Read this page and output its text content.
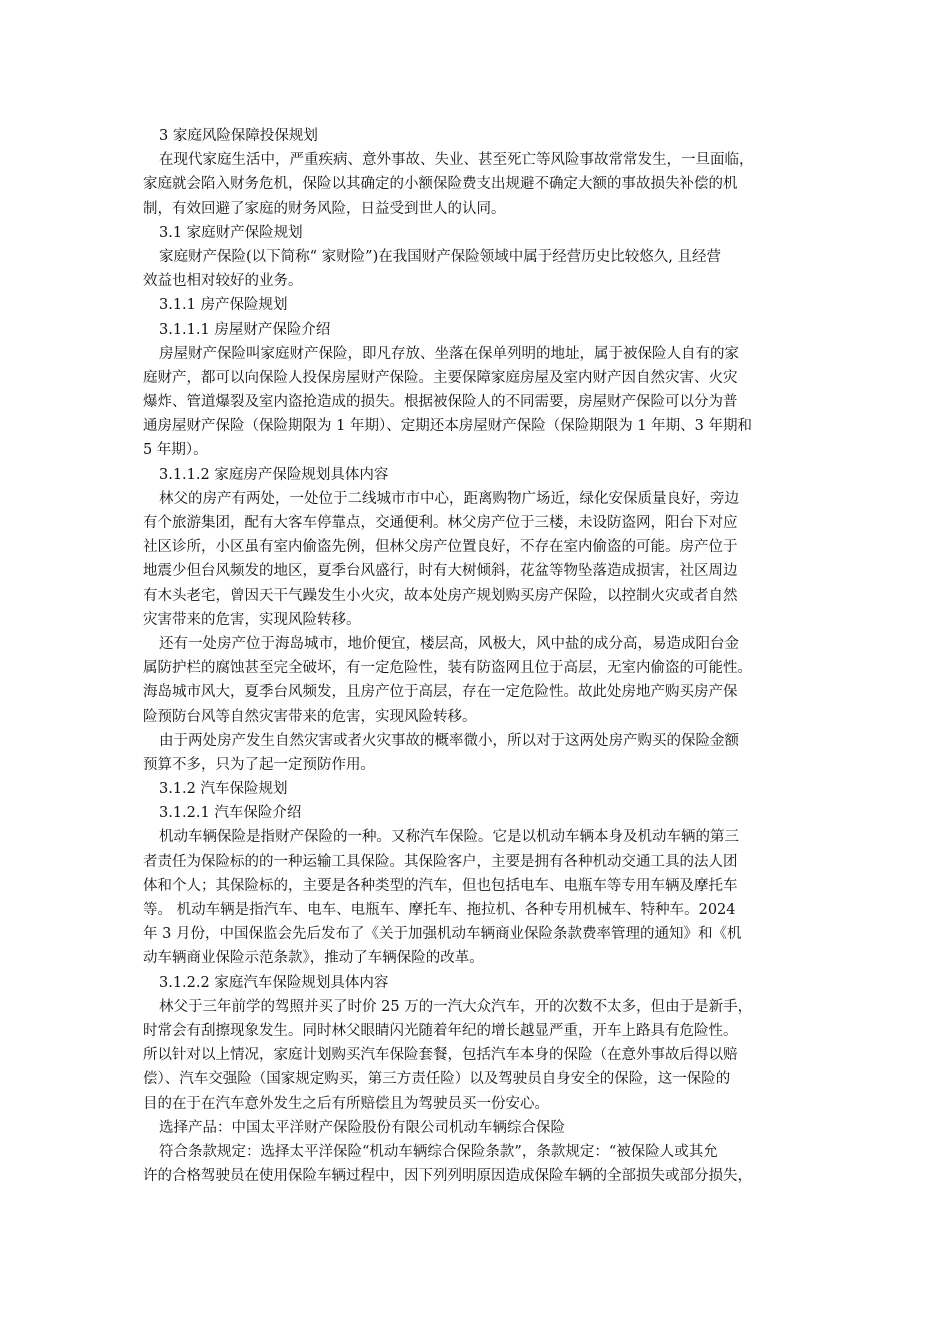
3 家庭风险保障投保规划
在现代家庭生活中，严重疾病、意外事故、失业、甚至死亡等风险事故常常发生，一旦面临，
家庭就会陷入财务危机，保险以其确定的小额保险费支出规避不确定大额的事故损失补偿的机
制，有效回避了家庭的财务风险，日益受到世人的认同。
3.1 家庭财产保险规划
家庭财产保险(以下简称“ 家财险”)在我国财产保险领域中属于经营历史比较悠久, 且经营
效益也相对较好的业务。
3.1.1 房产保险规划
3.1.1.1 房屋财产保险介绍
房屋财产保险叫家庭财产保险，即凡存放、坐落在保单列明的地址，属于被保险人自有的家
庭财产，都可以向保险人投保房屋财产保险。主要保障家庭房屋及室内财产因自然灾害、火灾
爆炸、管道爆裂及室内盗抢造成的损失。根据被保险人的不同需要，房屋财产保险可以分为普
通房屋财产保险（保险期限为 1 年期）、定期还本房屋财产保险（保险期限为 1 年期、3 年期和
5 年期）。
3.1.1.2 家庭房产保险规划具体内容
林父的房产有两处，一处位于二线城市市中心，距离购物广场近，绿化安保质量良好，旁边
有个旅游集团，配有大客车停靠点，交通便利。林父房产位于三楼，未设防盗网，阳台下对应
社区诊所，小区虽有室内偷盗先例，但林父房产位置良好，不存在室内偷盗的可能。房产位于
地震少但台风频发的地区，夏季台风盛行，时有大树倾斜，花盆等物坠落造成损害，社区周边
有木头老宅，曾因天干气躁发生小火灾，故本处房产规划购买房产保险，以控制火灾或者自然
灾害带来的危害，实现风险转移。
还有一处房产位于海岛城市，地价便宜，楼层高，风极大，风中盐的成分高，易造成阳台金
属防护栏的腐蚀甚至完全破坏，有一定危险性，装有防盗网且位于高层，无室内偷盗的可能性。
海岛城市风大，夏季台风频发，且房产位于高层，存在一定危险性。故此处房地产购买房产保
险预防台风等自然灾害带来的危害，实现风险转移。
由于两处房产发生自然灾害或者火灾事故的概率微小，所以对于这两处房产购买的保险金额
预算不多，只为了起一定预防作用。
3.1.2 汽车保险规划
3.1.2.1 汽车保险介绍
机动车辆保险是指财产保险的一种。又称汽车保险。它是以机动车辆本身及机动车辆的第三
者责任为保险标的的一种运输工具保险。其保险客户，主要是拥有各种机动交通工具的法人团
体和个人；其保险标的，主要是各种类型的汽车，但也包括电车、电瓶车等专用车辆及摩托车
等。 机动车辆是指汽车、电车、电瓶车、摩托车、拖拉机、各种专用机械车、特种车。2024
年 3 月份，中国保监会先后发布了《关于加强机动车辆商业保险条款费率管理的通知》和《机
动车辆商业保险示范条款》，推动了车辆保险的改革。
3.1.2.2 家庭汽车保险规划具体内容
林父于三年前学的驾照并买了时价 25 万的一汽大众汽车，开的次数不太多，但由于是新手，
时常会有刮擦现象发生。同时林父眼睛闪光随着年纪的增长越显严重，开车上路具有危险性。
所以针对以上情况，家庭计划购买汽车保险套餐，包括汽车本身的保险（在意外事故后得以赔
偿）、汽车交强险（国家规定购买，第三方责任险）以及驾驶员自身安全的保险，这一保险的
目的在于在汽车意外发生之后有所赔偿且为驾驶员买一份安心。
选择产品：中国太平洋财产保险股份有限公司机动车辆综合保险
符合条款规定：选择太平洋保险“机动车辆综合保险条款”，条款规定：“被保险人或其允
许的合格驾驶员在使用保险车辆过程中，因下列列明原因造成保险车辆的全部损失或部分损失，
